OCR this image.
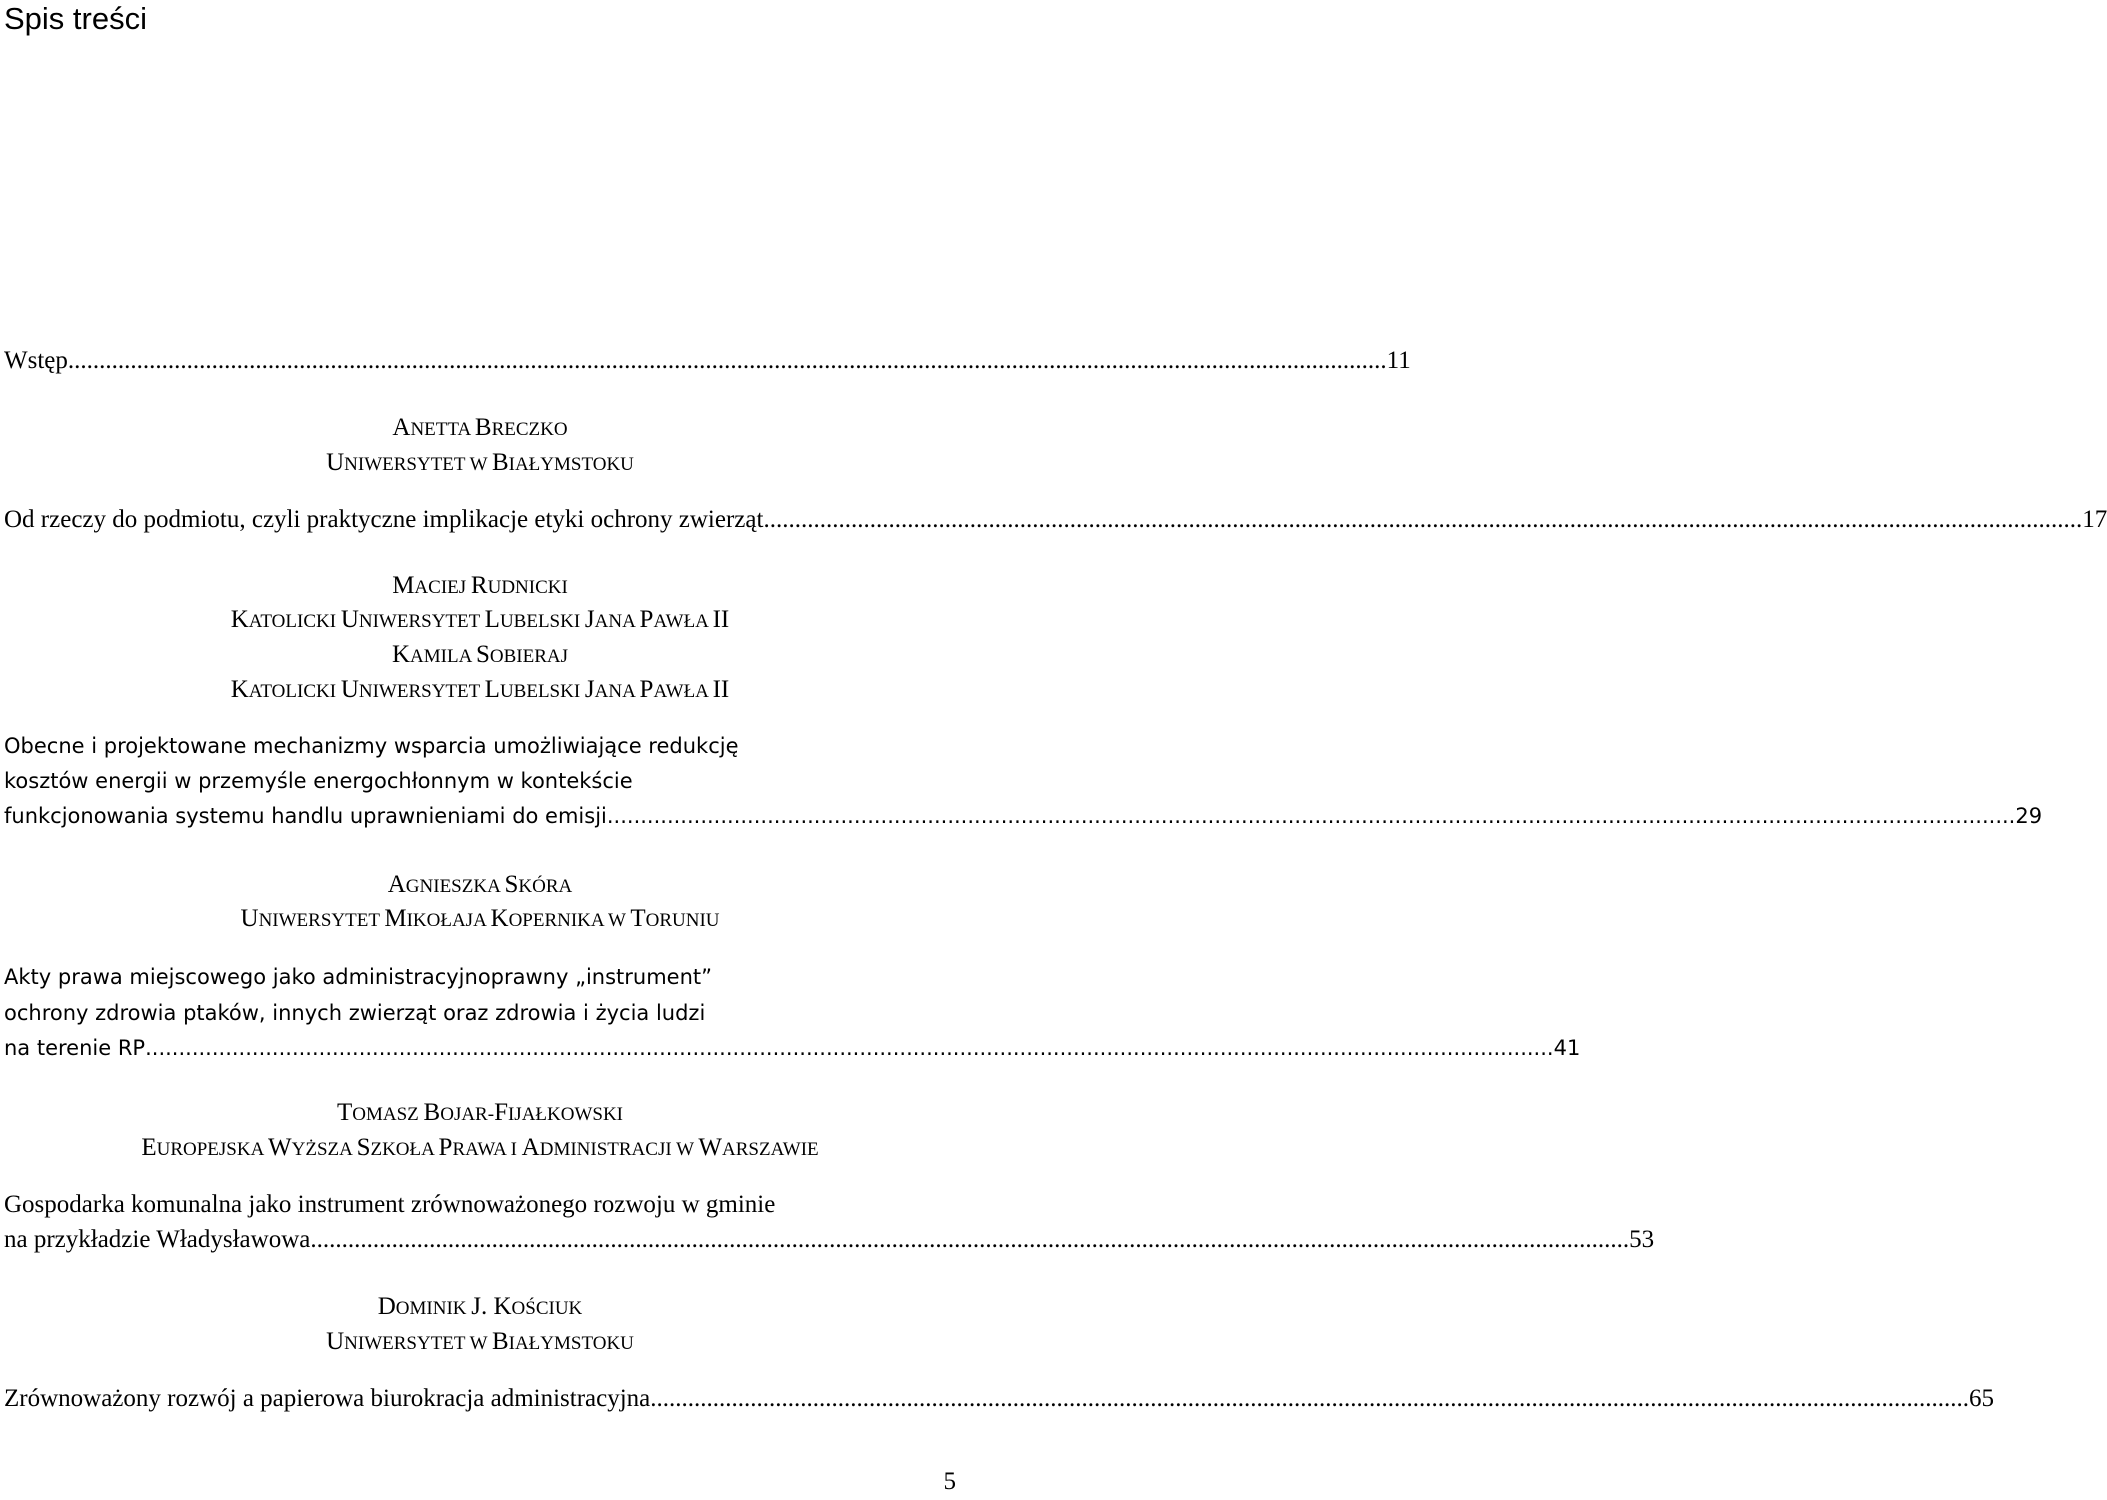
Spis treści
Wstęp ................................................................................................................................................................................................................... 11
ANETTA BRECZKO
UNIWERSYTET W BIAŁYMSTOKU
Od rzeczy do podmiotu, czyli praktyczne implikacje etyki ochrony zwierząt ................................................................................................................................................................................................................... 17
MACIEJ RUDNICKI
KATOLICKI UNIWERSYTET LUBELSKI JANA PAWŁA II
KAMILA SOBIERAJ
KATOLICKI UNIWERSYTET LUBELSKI JANA PAWŁA II
Obecne i projektowane mechanizmy wsparcia umożliwiające redukcję
kosztów energii w przemyśle energochłonnym w kontekście
funkcjonowania systemu handlu uprawnieniami do emisji ................................................................................................................................................................................................................... 29
AGNIESZKA SKÓRA
UNIWERSYTET MIKOŁAJA KOPERNIKA W TORUNIU
Akty prawa miejscowego jako administracyjnoprawny „instrument”
ochrony zdrowia ptaków, innych zwierząt oraz zdrowia i życia ludzi
na terenie RP ................................................................................................................................................................................................................... 41
TOMASZ BOJAR-FIJAŁKOWSKI
EUROPEJSKA WYŻSZA SZKOŁA PRAWA I ADMINISTRACJI W WARSZAWIE
Gospodarka komunalna jako instrument zrównoważonego rozwoju w gminie
na przykładzie Władysławowa ................................................................................................................................................................................................................... 53
DOMINIK J. KOŚCIUK
UNIWERSYTET W BIAŁYMSTOKU
Zrównoważony rozwój a papierowa biurokracja administracyjna ................................................................................................................................................................................................................... 65
5
